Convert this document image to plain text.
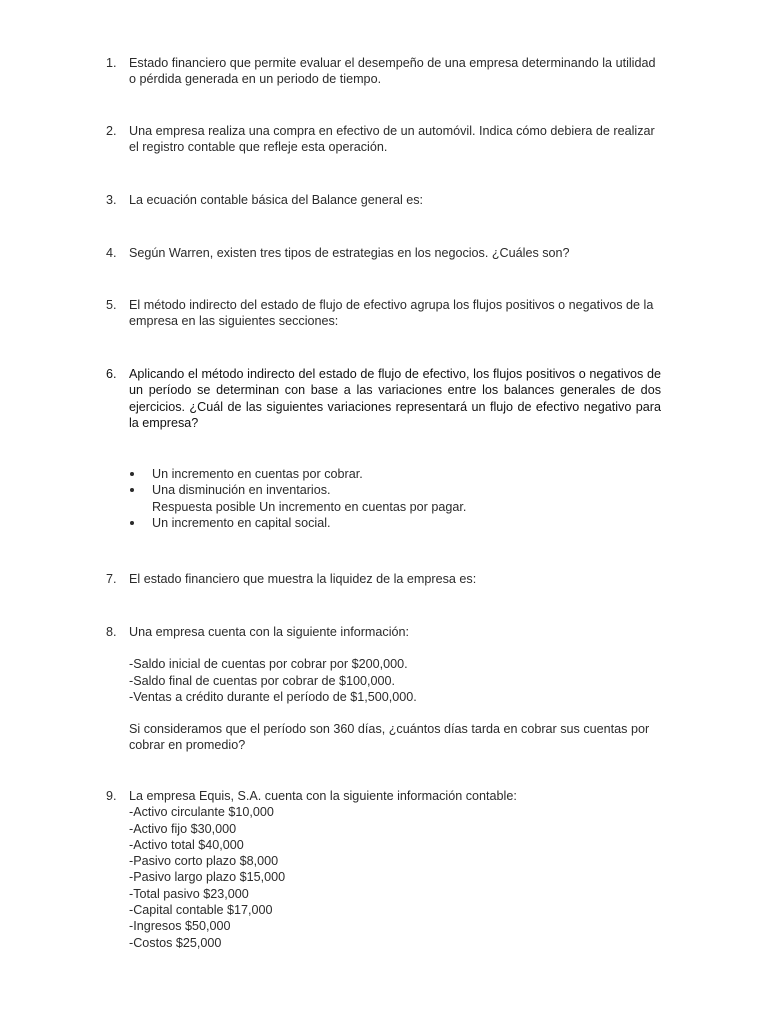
1. Estado financiero que permite evaluar el desempeño de una empresa determinando la utilidad

o pérdida generada en un periodo de tiempo.

2. Una empresa realiza una compra en efectivo de un automóvil. Indica cómo debiera de realizar

el registro contable que refleje esta operación.

3. La ecuación contable básica del Balance general es:

4. Según Warren, existen tres tipos de estrategias en los negocios. ¿Cuáles son?

5. El método indirecto del estado de flujo de efectivo agrupa los flujos positivos o negativos de la

empresa en las siguientes secciones:

6. Aplicando el método indirecto del estado de flujo de efectivo, los flujos positivos o negativos de un período se determinan con base a las variaciones entre los balances generales de dos ejercicios. ¿Cuál de las siguientes variaciones representará un flujo de efectivo negativo para la empresa?

Un incremento en cuentas por cobrar.
Una disminución en inventarios.
Respuesta posible Un incremento en cuentas por pagar.
Un incremento en capital social.
7. El estado financiero que muestra la liquidez de la empresa es:

8. Una empresa cuenta con la siguiente información:

-Saldo inicial de cuentas por cobrar por $200,000.

-Saldo final de cuentas por cobrar de $100,000.

-Ventas a crédito durante el período de $1,500,000.

Si consideramos que el período son 360 días, ¿cuántos días tarda en cobrar sus cuentas por

cobrar en promedio?

9. La empresa Equis, S.A. cuenta con la siguiente información contable:

-Activo circulante $10,000

-Activo fijo $30,000

-Activo total $40,000

-Pasivo corto plazo $8,000

-Pasivo largo plazo $15,000

-Total pasivo $23,000

-Capital contable $17,000

-Ingresos $50,000

-Costos $25,000
